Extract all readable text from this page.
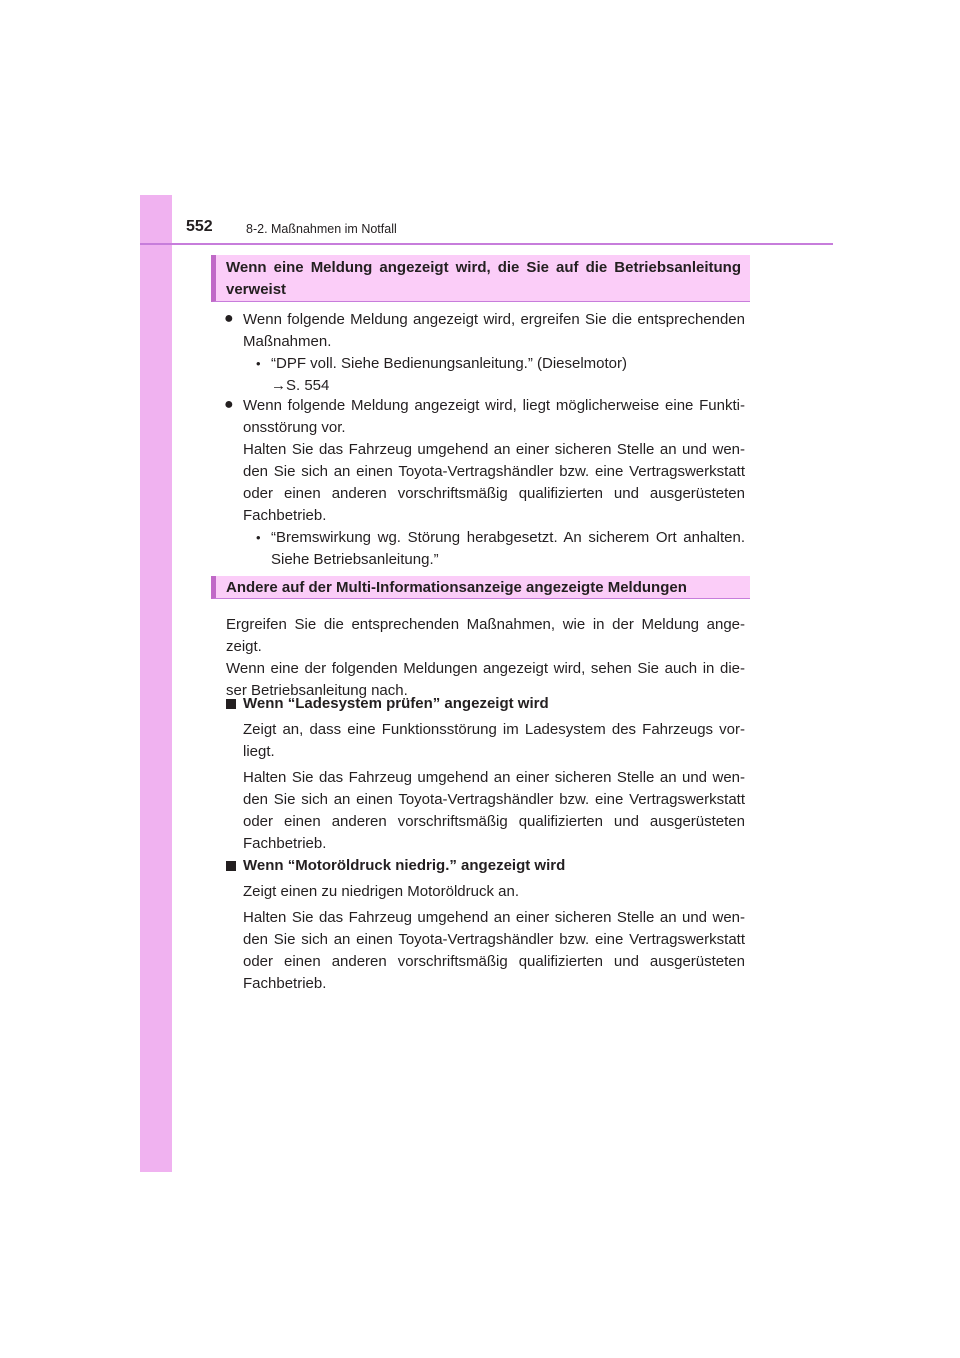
552	8-2. Maßnahmen im Notfall
Wenn eine Meldung angezeigt wird, die Sie auf die Betriebsanleitung verweist
● Wenn folgende Meldung angezeigt wird, ergreifen Sie die entsprechenden

Maßnahmen.

• “DPF voll. Siehe Bedienungsanleitung.” (Dieselmotor)

→S. 554

● Wenn folgende Meldung angezeigt wird, liegt möglicherweise eine Funkti-

onsstörung vor.

Halten Sie das Fahrzeug umgehend an einer sicheren Stelle an und wen-

den Sie sich an einen Toyota-Vertragshändler bzw. eine Vertragswerkstatt

oder einen anderen vorschriftsmäßig qualifizierten und ausgerüsteten

Fachbetrieb.

• “Bremswirkung wg. Störung herabgesetzt. An sicherem Ort anhalten.

Siehe Betriebsanleitung.”

Andere auf der Multi-Informationsanzeige angezeigte Meldungen

Ergreifen Sie die entsprechenden Maßnahmen, wie in der Meldung ange-

zeigt.

Wenn eine der folgenden Meldungen angezeigt wird, sehen Sie auch in die-

ser Betriebsanleitung nach.

Wenn “Ladesystem prüfen” angezeigt wird

Zeigt an, dass eine Funktionsstörung im Ladesystem des Fahrzeugs vor-

liegt.

Halten Sie das Fahrzeug umgehend an einer sicheren Stelle an und wen-

den Sie sich an einen Toyota-Vertragshändler bzw. eine Vertragswerkstatt

oder einen anderen vorschriftsmäßig qualifizierten und ausgerüsteten

Fachbetrieb.

Wenn “Motoröldruck niedrig.” angezeigt wird

Zeigt einen zu niedrigen Motoröldruck an.

Halten Sie das Fahrzeug umgehend an einer sicheren Stelle an und wen-

den Sie sich an einen Toyota-Vertragshändler bzw. eine Vertragswerkstatt

oder einen anderen vorschriftsmäßig qualifizierten und ausgerüsteten

Fachbetrieb.
